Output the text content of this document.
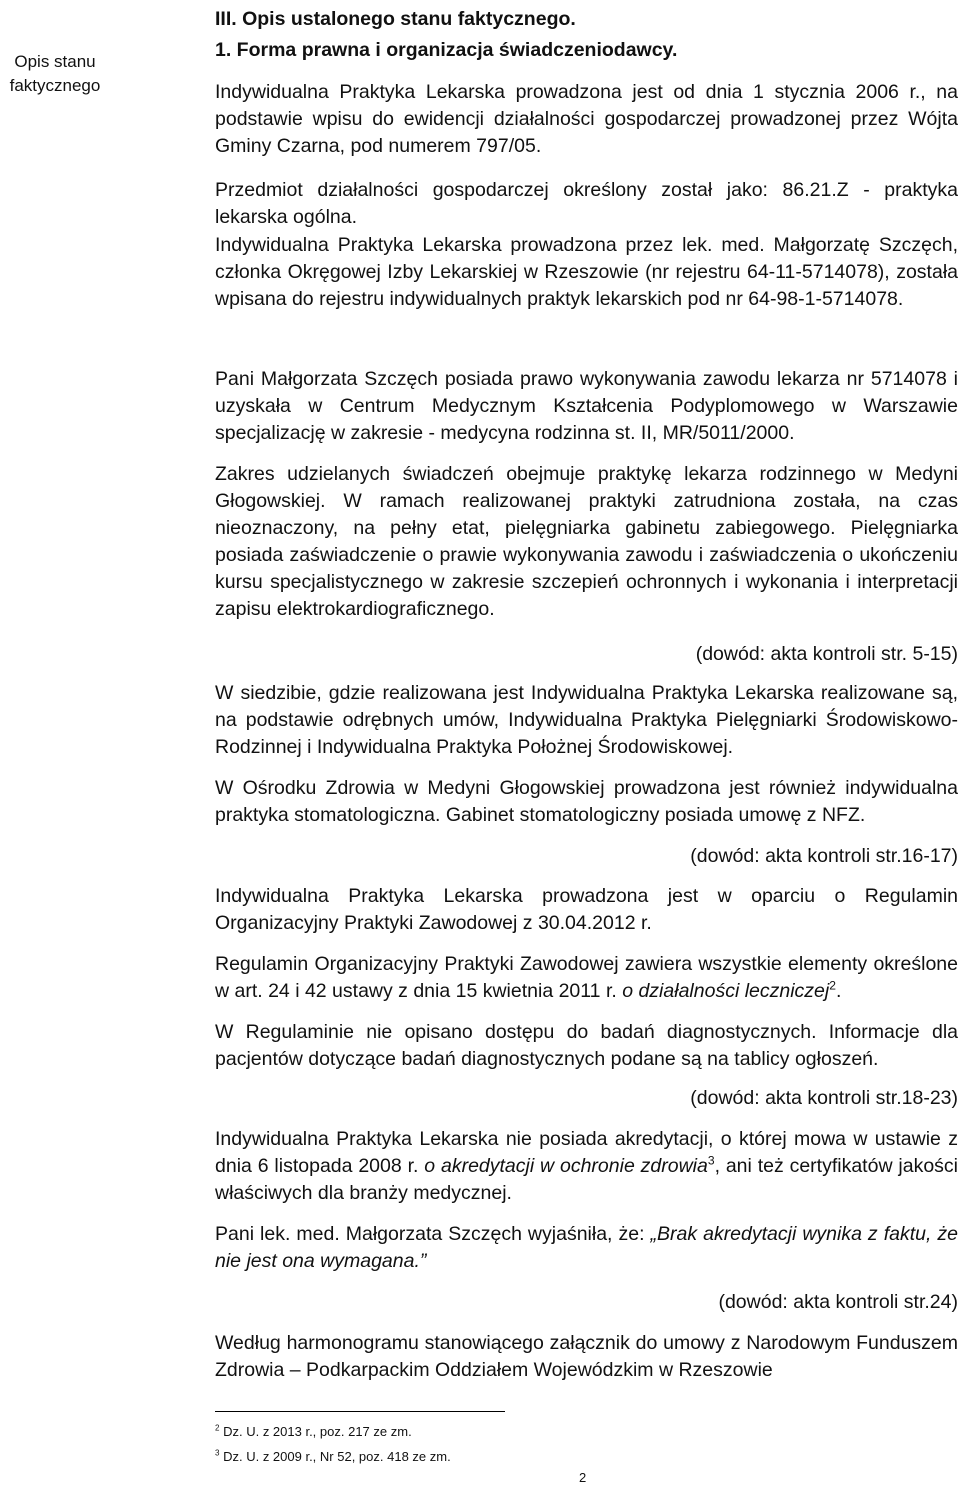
Opis stanu
faktycznego
III. Opis ustalonego stanu faktycznego.
1. Forma prawna i organizacja świadczeniodawcy.

Indywidualna Praktyka Lekarska prowadzona jest od dnia 1 stycznia 2006 r., na podstawie wpisu do ewidencji działalności gospodarczej prowadzonej przez Wójta Gminy Czarna, pod numerem 797/05.

Przedmiot działalności gospodarczej określony został jako: 86.21.Z - praktyka lekarska ogólna.

Indywidualna Praktyka Lekarska prowadzona przez lek. med. Małgorzatę Szczęch, członka Okręgowej Izby Lekarskiej w Rzeszowie (nr rejestru 64-11-5714078), została wpisana do rejestru indywidualnych praktyk lekarskich pod nr 64-98-1-5714078.

Pani Małgorzata Szczęch posiada prawo wykonywania zawodu lekarza nr 5714078 i uzyskała w Centrum Medycznym Kształcenia Podyplomowego w Warszawie specjalizację w zakresie - medycyna rodzinna st. II, MR/5011/2000.

Zakres udzielanych świadczeń obejmuje praktykę lekarza rodzinnego w Medyni Głogowskiej. W ramach realizowanej praktyki zatrudniona została, na czas nieoznaczony, na pełny etat, pielęgniarka gabinetu zabiegowego. Pielęgniarka posiada zaświadczenie o prawie wykonywania zawodu i zaświadczenia o ukończeniu kursu specjalistycznego w zakresie szczepień ochronnych i wykonania i interpretacji zapisu elektrokardiograficznego.

(dowód: akta kontroli str. 5-15)

W siedzibie, gdzie realizowana jest Indywidualna Praktyka Lekarska realizowane są, na podstawie odrębnych umów, Indywidualna Praktyka Pielęgniarki Środowiskowo-Rodzinnej i Indywidualna Praktyka Położnej Środowiskowej.

W Ośrodku Zdrowia w Medyni Głogowskiej prowadzona jest również indywidualna praktyka stomatologiczna. Gabinet stomatologiczny posiada umowę z NFZ.

(dowód: akta kontroli str.16-17)

Indywidualna Praktyka Lekarska prowadzona jest w oparciu o Regulamin Organizacyjny Praktyki Zawodowej z 30.04.2012 r.

Regulamin Organizacyjny Praktyki Zawodowej zawiera wszystkie elementy określone w art. 24 i 42 ustawy z dnia 15 kwietnia 2011 r. o działalności leczniczej$^2$.

W Regulaminie nie opisano dostępu do badań diagnostycznych. Informacje dla pacjentów dotyczące badań diagnostycznych podane są na tablicy ogłoszeń.

(dowód: akta kontroli str.18-23)

Indywidualna Praktyka Lekarska nie posiada akredytacji, o której mowa w ustawie z dnia 6 listopada 2008 r. o akredytacji w ochronie zdrowia$^3$, ani też certyfikatów jakości właściwych dla branży medycznej.

Pani lek. med. Małgorzata Szczęch wyjaśniła, że: „Brak akredytacji wynika z faktu, że nie jest ona wymagana.”

(dowód: akta kontroli str.24)

Według harmonogramu stanowiącego załącznik do umowy z Narodowym Funduszem Zdrowia – Podkarpackim Oddziałem Wojewódzkim w Rzeszowie

$^2$ Dz. U. z 2013 r., poz. 217 ze zm.
$^3$ Dz. U. z 2009 r., Nr 52, poz. 418 ze zm.
2
